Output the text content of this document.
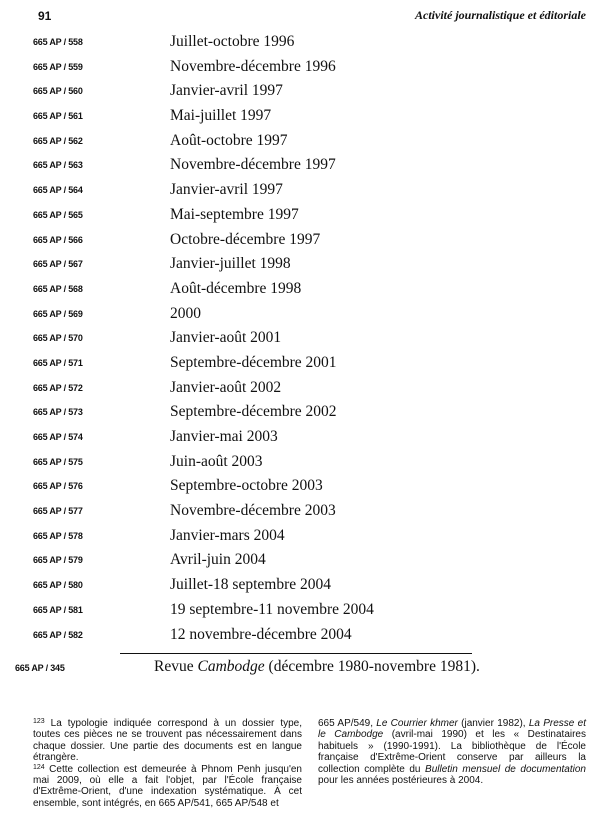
91	Activité journalistique et éditoriale
665 AP / 558	Juillet-octobre 1996
665 AP / 559	Novembre-décembre 1996
665 AP / 560	Janvier-avril 1997
665 AP / 561	Mai-juillet 1997
665 AP / 562	Août-octobre 1997
665 AP / 563	Novembre-décembre 1997
665 AP / 564	Janvier-avril 1997
665 AP / 565	Mai-septembre 1997
665 AP / 566	Octobre-décembre 1997
665 AP / 567	Janvier-juillet 1998
665 AP / 568	Août-décembre 1998
665 AP / 569	2000
665 AP / 570	Janvier-août 2001
665 AP / 571	Septembre-décembre 2001
665 AP / 572	Janvier-août 2002
665 AP / 573	Septembre-décembre 2002
665 AP / 574	Janvier-mai 2003
665 AP / 575	Juin-août 2003
665 AP / 576	Septembre-octobre 2003
665 AP / 577	Novembre-décembre 2003
665 AP / 578	Janvier-mars 2004
665 AP / 579	Avril-juin 2004
665 AP / 580	Juillet-18 septembre 2004
665 AP / 581	19 septembre-11 novembre 2004
665 AP / 582	12 novembre-décembre 2004
665 AP / 345	Revue Cambodge (décembre 1980-novembre 1981).

$^{123}$ La typologie indiquée correspond à un dossier type, toutes ces pièces ne se trouvent pas nécessairement dans chaque dossier. Une partie des documents est en langue étrangère.

$^{124}$ Cette collection est demeurée à Phnom Penh jusqu'en mai 2009, où elle a fait l'objet, par l'École française d'Extrême-Orient, d'une indexation systématique. À cet ensemble, sont intégrés, en 665 AP/541, 665 AP/548 et

665 AP/549, Le Courrier khmer (janvier 1982), La Presse et le Cambodge (avril-mai 1990) et les « Destinataires habituels » (1990-1991). La bibliothèque de l'École française d'Extrême-Orient conserve par ailleurs la collection complète du Bulletin mensuel de documentation pour les années postérieures à 2004.
